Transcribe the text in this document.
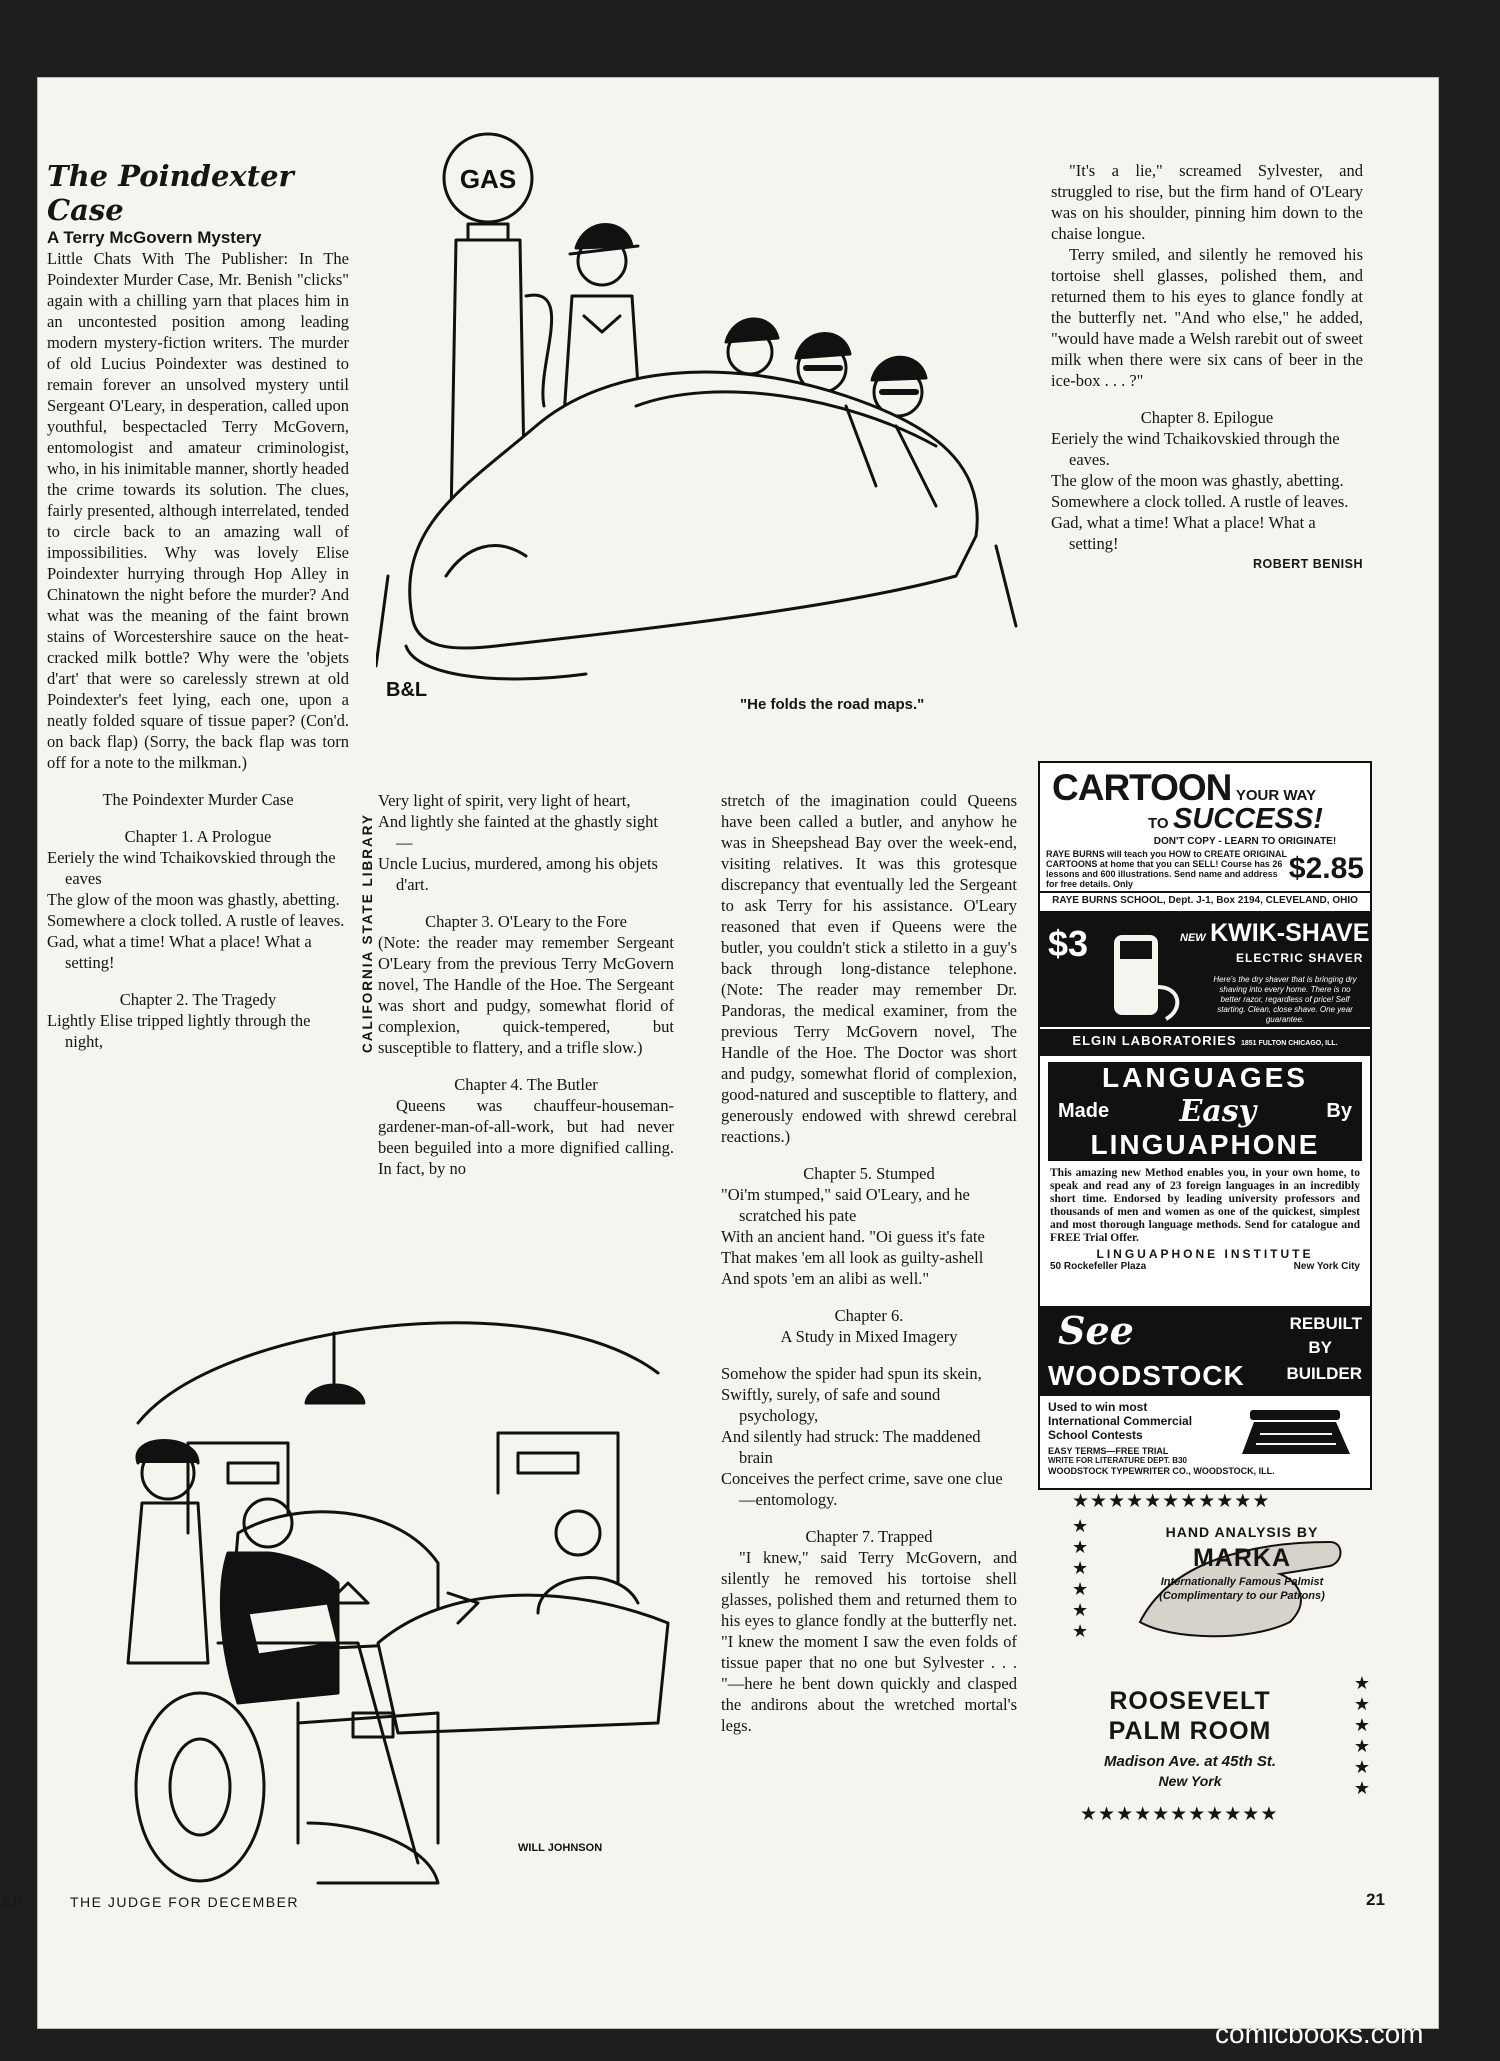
ER

The Poindexter Case

A Terry McGovern Mystery

Little Chats With The Publisher: In The Poindexter Murder Case, Mr. Benish "clicks" again with a chilling yarn that places him in an uncontested position among leading modern mystery-fiction writers. The murder of old Lucius Poindexter was destined to remain forever an unsolved mystery until Sergeant O'Leary, in desperation, called upon youthful, bespectacled Terry McGovern, entomologist and amateur criminologist, who, in his inimitable manner, shortly headed the crime towards its solution. The clues, fairly presented, although interrelated, tended to circle back to an amazing wall of impossibilities. Why was lovely Elise Poindexter hurrying through Hop Alley in Chinatown the night before the murder? And what was the meaning of the faint brown stains of Worcestershire sauce on the heat-cracked milk bottle? Why were the 'objets d'art' that were so carelessly strewn at old Poindexter's feet lying, each one, upon a neatly folded square of tissue paper? (Con'd. on back flap) (Sorry, the back flap was torn off for a note to the milkman.)

The Poindexter Murder Case

Chapter 1. A Prologue

Eeriely the wind Tchaikovskied through the eaves

The glow of the moon was ghastly, abetting.

Somewhere a clock tolled. A rustle of leaves.

Gad, what a time! What a place! What a setting!

Chapter 2. The Tragedy

Lightly Elise tripped lightly through the night,

Very light of spirit, very light of heart,

And lightly she fainted at the ghastly sight—

Uncle Lucius, murdered, among his objets d'art.

Chapter 3. O'Leary to the Fore

(Note: the reader may remember Sergeant O'Leary from the previous Terry McGovern novel, The Handle of the Hoe. The Sergeant was short and pudgy, somewhat florid of complexion, quick-tempered, but susceptible to flattery, and a trifle slow.)

Chapter 4. The Butler

Queens was chauffeur-houseman-gardener-man-of-all-work, but had never been beguiled into a more dignified calling. In fact, by no

CALIFORNIA STATE LIBRARY

stretch of the imagination could Queens have been called a butler, and anyhow he was in Sheepshead Bay over the week-end, visiting relatives. It was this grotesque discrepancy that eventually led the Sergeant to ask Terry for his assistance. O'Leary reasoned that even if Queens were the butler, you couldn't stick a stiletto in a guy's back through long-distance telephone. (Note: The reader may remember Dr. Pandoras, the medical examiner, from the previous Terry McGovern novel, The Handle of the Hoe. The Doctor was short and pudgy, somewhat florid of complexion, good-natured and susceptible to flattery, and generously endowed with shrewd cerebral reactions.)

Chapter 5. Stumped

"Oi'm stumped," said O'Leary, and he scratched his pate

With an ancient hand. "Oi guess it's fate

That makes 'em all look as guilty-ashell

And spots 'em an alibi as well."

Chapter 6.

A Study in Mixed Imagery

Somehow the spider had spun its skein,

Swiftly, surely, of safe and sound psychology,

And silently had struck: The maddened brain

Conceives the perfect crime, save one clue—entomology.

Chapter 7. Trapped

"I knew," said Terry McGovern, and silently he removed his tortoise shell glasses, polished them and returned them to his eyes to glance fondly at the butterfly net. "I knew the moment I saw the even folds of tissue paper that no one but Sylvester . . . "—here he bent down quickly and clasped the andirons about the wretched mortal's legs.

"It's a lie," screamed Sylvester, and struggled to rise, but the firm hand of O'Leary was on his shoulder, pinning him down to the chaise longue.

Terry smiled, and silently he removed his tortoise shell glasses, polished them, and returned them to his eyes to glance fondly at the butterfly net. "And who else," he added, "would have made a Welsh rarebit out of sweet milk when there were six cans of beer in the ice-box . . . ?"

Chapter 8. Epilogue

Eeriely the wind Tchaikovskied through the eaves.

The glow of the moon was ghastly, abetting.

Somewhere a clock tolled. A rustle of leaves.

Gad, what a time! What a place! What a setting!

ROBERT BENISH

GAS
B&L
"He folds the road maps."
WILL JOHNSON
CARTOON YOUR WAY
TO SUCCESS!
DON'T COPY - LEARN TO ORIGINATE!
RAYE BURNS will teach you HOW to CREATE ORIGINAL CARTOONS at home that you can SELL! Course has 26 lessons and 600 illustrations. Send name and address for free details. Only	$2.85
RAYE BURNS SCHOOL, Dept. J-1, Box 2194, CLEVELAND, OHIO
$3	NEW KWIK-SHAVE
ELECTRIC SHAVER
Here's the dry shaver that is bringing dry shaving into every home. There is no better razor, regardless of price! Self starting. Clean, close shave. One year guarantee.
ELGIN LABORATORIES 1851 FULTON CHICAGO, ILL.
LANGUAGES
Made Easy	By
LINGUAPHONE
This amazing new Method enables you, in your own home, to speak and read any of 23 foreign languages in an incredibly short time. Endorsed by leading university professors and thousands of men and women as one of the quickest, simplest and most thorough language methods. Send for catalogue and FREE Trial Offer.
LINGUAPHONE INSTITUTE
50 Rockefeller Plaza	New York City
See	REBUILT
BY
WOODSTOCK BUILDER
Used to win most International Commercial School Contests
EASY TERMS—FREE TRIAL
WRITE FOR LITERATURE DEPT. B30
WOODSTOCK TYPEWRITER CO., WOODSTOCK, ILL.
★★★★★★★★★★★
★
★
★
★
★
★
HAND ANALYSIS BY
MARKA
Internationally Famous Palmist
(Complimentary to our Patrons)
★
★
★
★
★
★
ROOSEVELT
PALM ROOM
Madison Ave. at 45th St.
New York
★★★★★★★★★★★
THE JUDGE FOR DECEMBER	21
comicbooks.com
